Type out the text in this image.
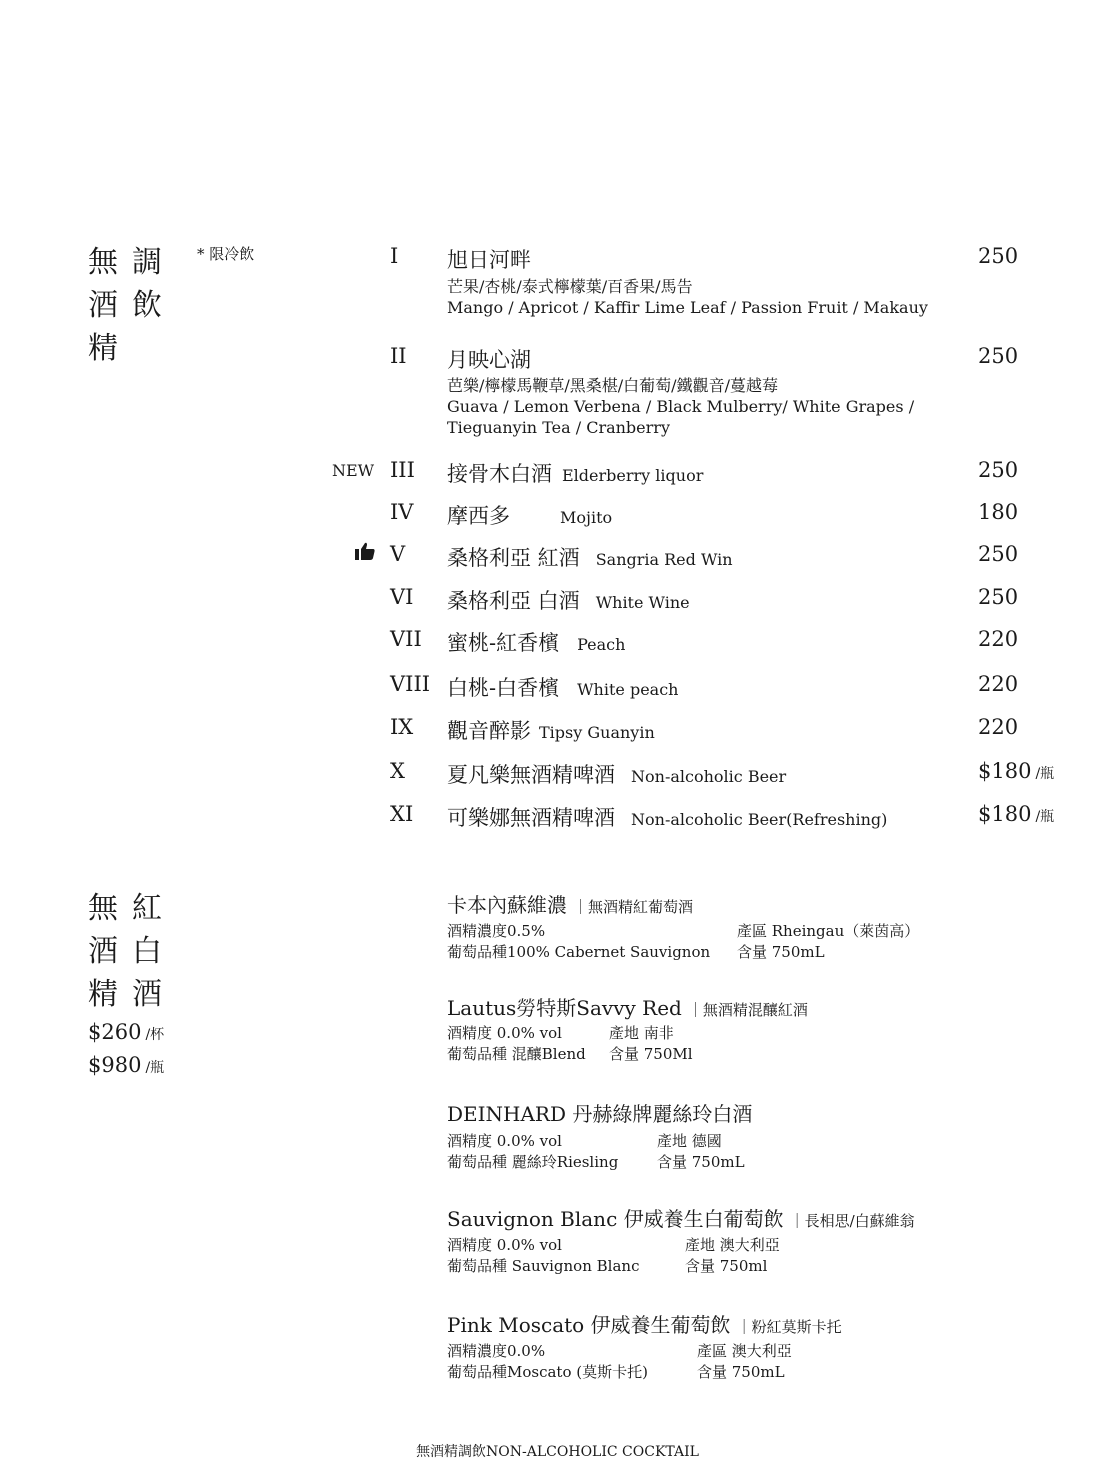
無
酒
精
調
飲
* 限冷飲	I 旭日河畔	250
芒果/杏桃/泰式檸檬葉/百香果/馬告
Mango / Apricot / Kaffir Lime Leaf / Passion Fruit / Makauy
II 月映心湖	250
芭樂/檸檬馬鞭草/黑桑椹/白葡萄/鐵觀音/蔓越莓
Guava / Lemon Verbena / Black Mulberry/ White Grapes /
Tieguanyin Tea / Cranberry
NEW III 接骨木白酒 Elderberry liquor	250
IV 摩西多	Mojito	180
V 桑格利亞 紅酒 Sangria Red Win	250
VI 桑格利亞 白酒 White Wine	250
VII 蜜桃-紅香檳 Peach	220
VIII 白桃-白香檳 White peach	220
IX 觀音醉影 Tipsy Guanyin	220
X 夏凡樂無酒精啤酒 Non-alcoholic Beer	$180 /瓶
XI 可樂娜無酒精啤酒 Non-alcoholic Beer(Refreshing)	$180 /瓶
無
酒
精
紅
白
酒
$260 /杯
$980 /瓶
卡本內蘇維濃 ｜無酒精紅葡萄酒
酒精濃度0.5%	產區 Rheingau（萊茵高）
葡萄品種100% Cabernet Sauvignon 含量 750mL
Lautus勞特斯Savvy Red ｜無酒精混釀紅酒
酒精度 0.0% vol	產地 南非
葡萄品種 混釀Blend 含量 750Ml
DEINHARD 丹赫綠牌麗絲玲白酒
酒精度 0.0% vol	產地 德國
葡萄品種 麗絲玲Riesling	含量 750mL
Sauvignon Blanc 伊威養生白葡萄飲 ｜長相思/白蘇維翁
酒精度 0.0% vol	產地 澳大利亞
葡萄品種 Sauvignon Blanc	含量 750ml
Pink Moscato 伊威養生葡萄飲 ｜粉紅莫斯卡托
酒精濃度0.0%	產區 澳大利亞
葡萄品種Moscato (莫斯卡托)	含量 750mL
無酒精調飲NON-ALCOHOLIC COCKTAIL
